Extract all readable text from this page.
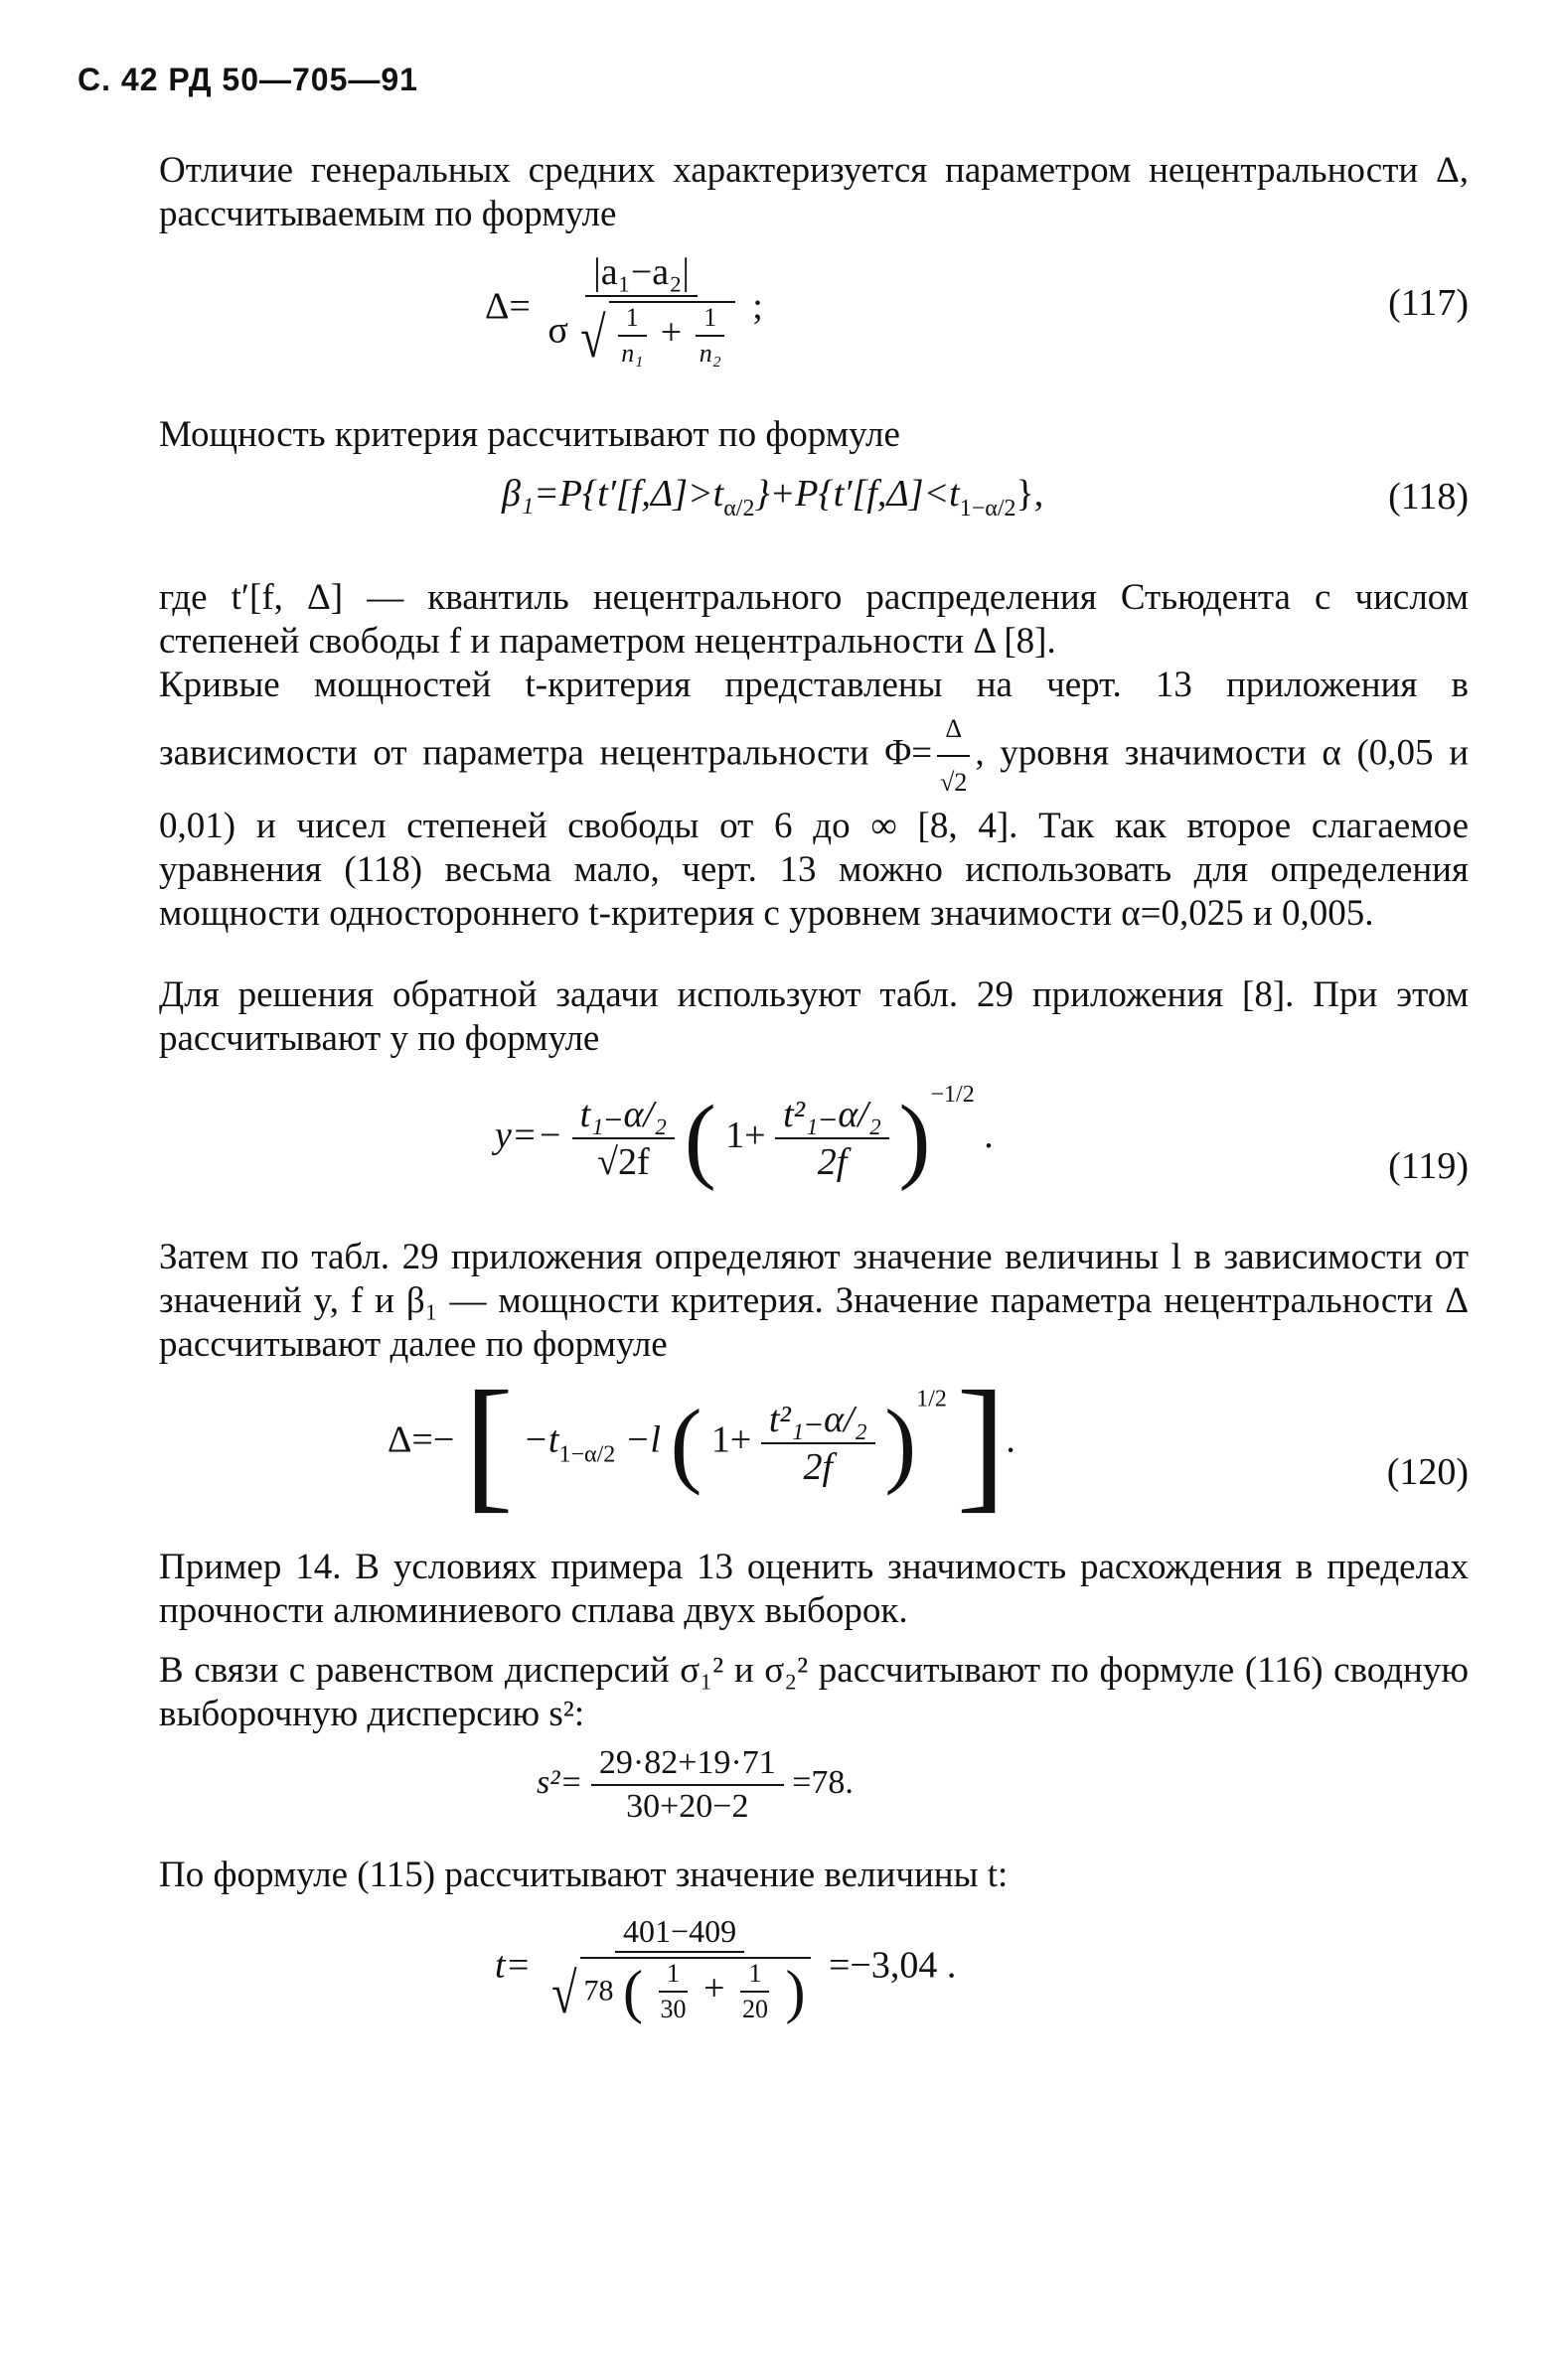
С. 42 РД 50—705—91

Отличие генеральных средних характеризуется параметром нецентральности Δ, рассчитываемым по формуле

Δ=
|a₁−a₂|
σ √ $\frac{1}{\text{n₁}} + \frac{1}{\text{n₂}}$ ;	(117)

Мощность критерия рассчитывают по формуле

$\beta_1=P\{t'[f,\Delta]>t_{\alpha/2}\}+P\{t'[f,\Delta]<t_{1-\alpha/2}\}$,	(118)

где t′[f, Δ] — квантиль нецентрального распределения Стьюдента с числом степеней свободы f и параметром нецентральности Δ [8].

Кривые мощностей t-критерия представлены на черт. 13 приложения в зависимости от параметра нецентральности $\Phi= \frac{\Delta}{√2}$ , уровня значимости α (0,05 и 0,01) и чисел степеней свободы от 6 до ∞ [8, 4]. Так как второе слагаемое уравнения (118) весьма мало, черт. 13 можно использовать для определения мощности одностороннего t-критерия с уровнем значимости α=0,025 и 0,005.

Для решения обратной задачи используют табл. 29 приложения [8]. При этом рассчитывают y по формуле

$y=- \frac{\text{t₁₋α/₂}}{√2f}$ ( $1+ \frac{\text{t²₁₋α/₂}}{2f} )^{-1/2}$ .
(119)

Затем по табл. 29 приложения определяют значение величины l в зависимости от значений y, f и β₁ — мощности критерия. Значение параметра нецентральности Δ рассчитывают далее по формуле

Δ=− [ $-t_{1-\alpha/2} -l$ ( $1+ \frac{\text{t²₁₋α/₂}}{2f} )^{1/2}$ ].
(120)

Пример 14. В условиях примера 13 оценить значимость расхождения в пределах прочности алюминиевого сплава двух выборок.

В связи с равенством дисперсий σ₁² и σ₂² рассчитывают по формуле (116) сводную выборочную дисперсию s²:

$s^2= \frac{29\cdot 82+19\cdot 71}{30+20-2} =78$.

По формуле (115) рассчитывают значение величины t:

t=
401−409
√ 78 ( $\frac{1}{30} + \frac{1}{20}$ ) =−3,04 .
